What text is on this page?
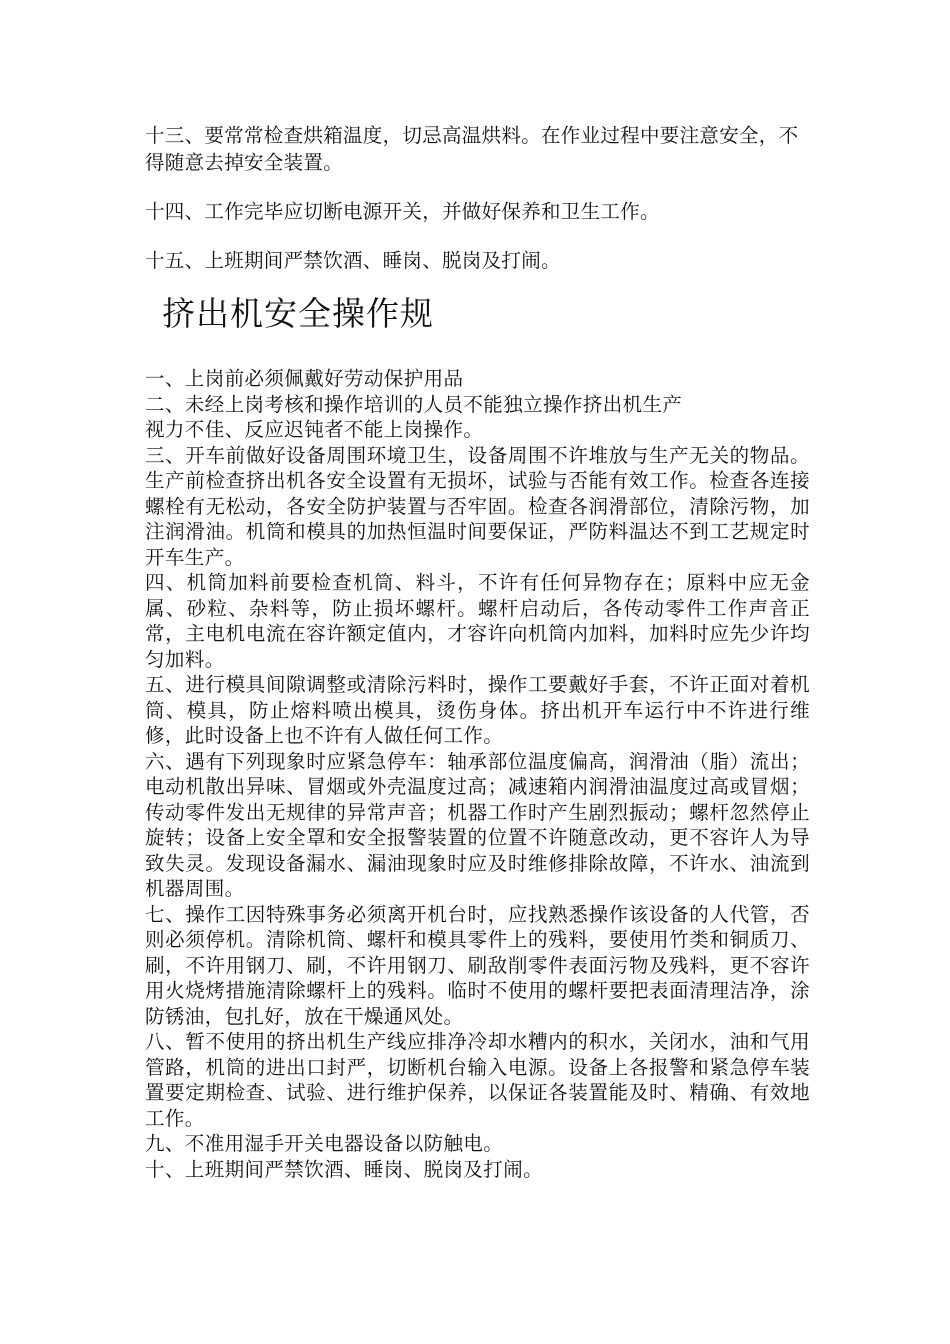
十三、要常常检查烘箱温度，切忌高温烘料。在作业过程中要注意安全，不得随意去掉安全装置。

十四、工作完毕应切断电源开关，并做好保养和卫生工作。

十五、上班期间严禁饮酒、睡岗、脱岗及打闹。

挤出机安全操作规

一、上岗前必须佩戴好劳动保护用品

二、未经上岗考核和操作培训的人员不能独立操作挤出机生产

视力不佳、反应迟钝者不能上岗操作。

三、开车前做好设备周围环境卫生，设备周围不许堆放与生产无关的物品。生产前检查挤出机各安全设置有无损坏，试验与否能有效工作。检查各连接螺栓有无松动，各安全防护装置与否牢固。检查各润滑部位，清除污物，加注润滑油。机筒和模具的加热恒温时间要保证，严防料温达不到工艺规定时开车生产。

四、机筒加料前要检查机筒、料斗，不许有任何异物存在；原料中应无金属、砂粒、杂料等，防止损坏螺杆。螺杆启动后，各传动零件工作声音正常，主电机电流在容许额定值内，才容许向机筒内加料，加料时应先少许均匀加料。

五、进行模具间隙调整或清除污料时，操作工要戴好手套，不许正面对着机筒、模具，防止熔料喷出模具，烫伤身体。挤出机开车运行中不许进行维修，此时设备上也不许有人做任何工作。

六、遇有下列现象时应紧急停车：轴承部位温度偏高，润滑油（脂）流出；电动机散出异味、冒烟或外壳温度过高；减速箱内润滑油温度过高或冒烟；传动零件发出无规律的异常声音；机器工作时产生剧烈振动；螺杆忽然停止旋转；设备上安全罩和安全报警装置的位置不许随意改动，更不容许人为导致失灵。发现设备漏水、漏油现象时应及时维修排除故障，不许水、油流到机器周围。

七、操作工因特殊事务必须离开机台时，应找熟悉操作该设备的人代管，否则必须停机。清除机筒、螺杆和模具零件上的残料，要使用竹类和铜质刀、刷，不许用钢刀、刷，不许用钢刀、刷敌削零件表面污物及残料，更不容许用火烧烤措施清除螺杆上的残料。临时不使用的螺杆要把表面清理洁净，涂防锈油，包扎好，放在干燥通风处。

八、暂不使用的挤出机生产线应排净冷却水糟内的积水，关闭水，油和气用管路，机筒的进出口封严，切断机台输入电源。设备上各报警和紧急停车装置要定期检查、试验、进行维护保养，以保证各装置能及时、精确、有效地工作。

九、不准用湿手开关电器设备以防触电。

十、上班期间严禁饮酒、睡岗、脱岗及打闹。
